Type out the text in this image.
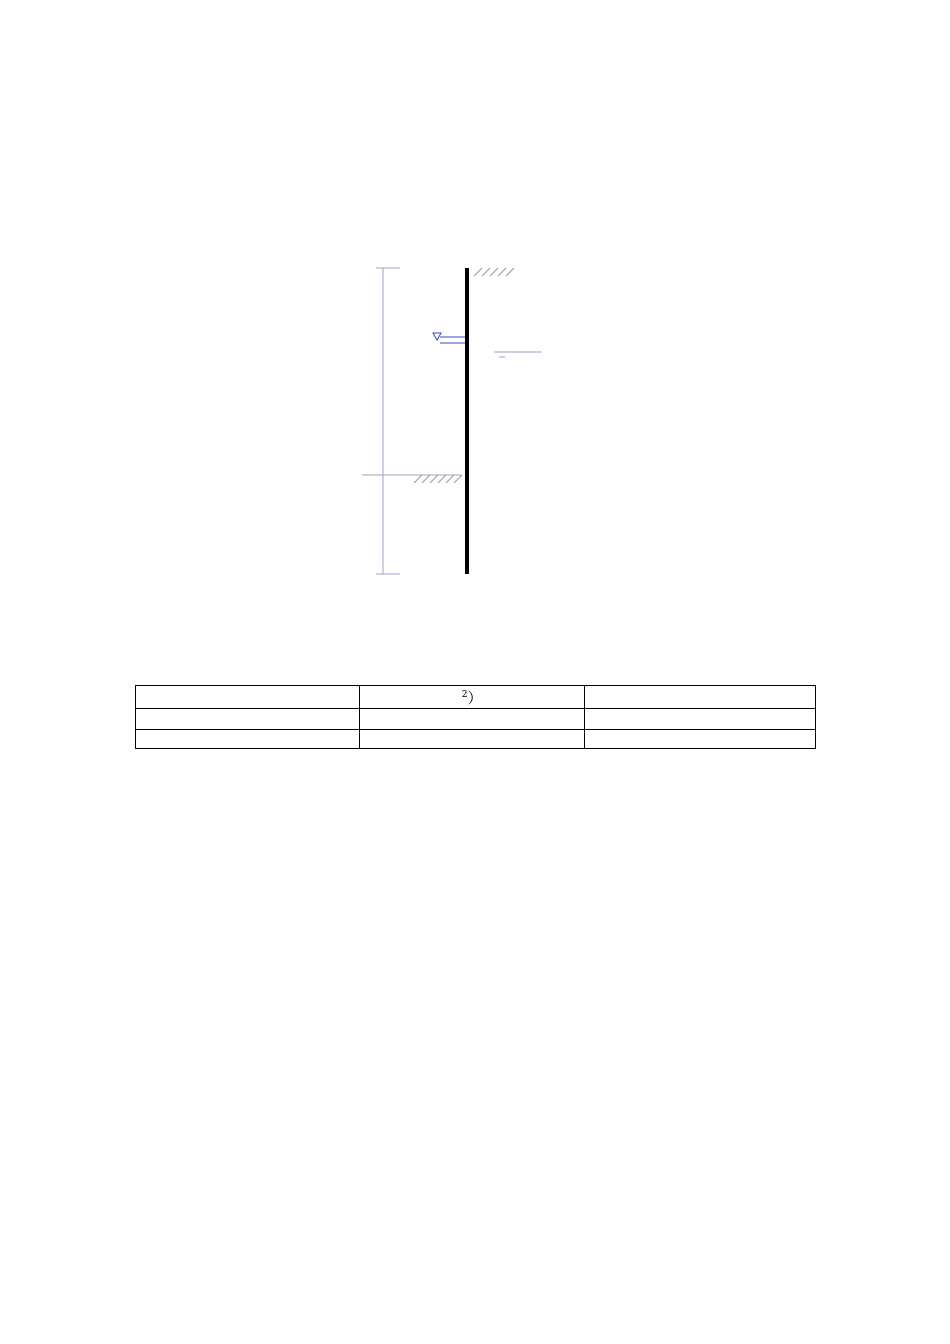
	$^2$）	
